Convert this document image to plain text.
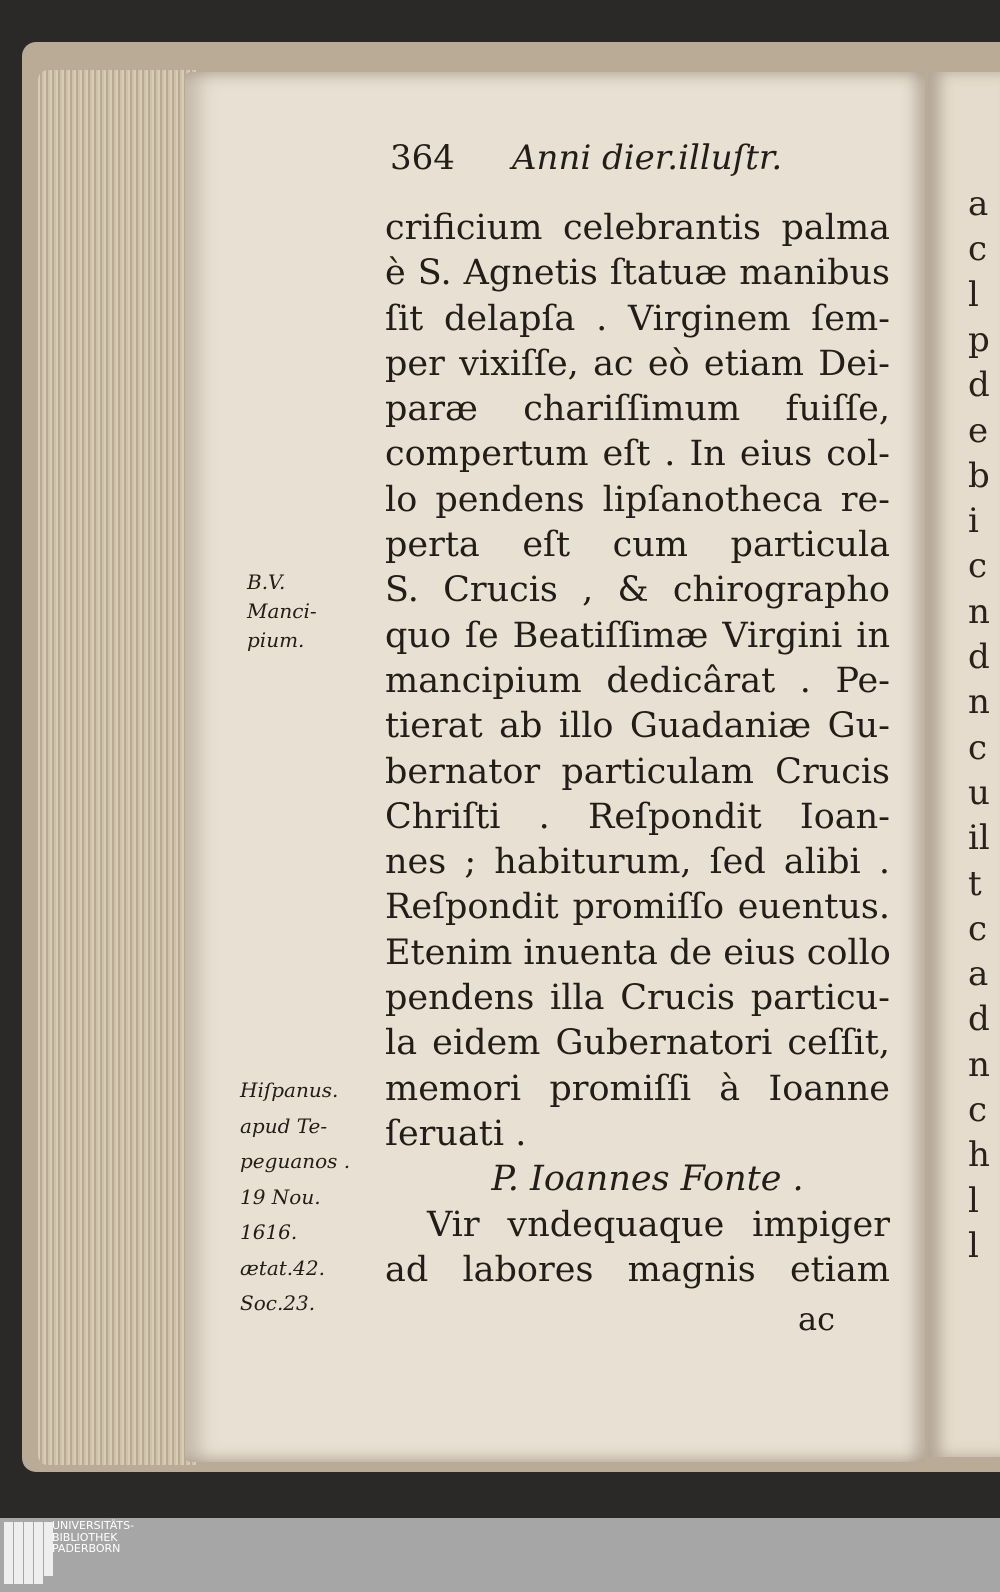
a
c
l
p
d
e
b
i
c
n
d
n
c
u
il
t
c
a
d
n
c
h
l
l
364 Anni dier.illuſtr.
crificium celebrantis palma
è S. Agnetis ſtatuæ manibus
ſit delapſa . Virginem ſem-
per vixiſſe, ac eò etiam Dei-
paræ chariſſimum fuiſſe,
compertum eſt . In eius col-
lo pendens lipſanotheca re-
perta eſt cum particula
S. Crucis , & chirographo
quo ſe Beatiſſimæ Virgini in
mancipium dedicârat . Pe-
tierat ab illo Guadaniæ Gu-
bernator particulam Crucis
Chriſti . Reſpondit Ioan-
nes ; habiturum, ſed alibi .
Reſpondit promiſſo euentus.
Etenim inuenta de eius collo
pendens illa Crucis particu-
la eidem Gubernatori ceſſit,
memori promiſſi à Ioanne
ſeruati .
P. Ioannes Fonte .
Vir vndequaque impiger
ad labores magnis etiam
ac
B.V.
Manci-
pium.
Hiſpanus.
apud Te-
peguanos .
19 Nou.
1616.
ætat.42.
Soc.23.
UNIVERSITÄTS-
BIBLIOTHEK
PADERBORN
